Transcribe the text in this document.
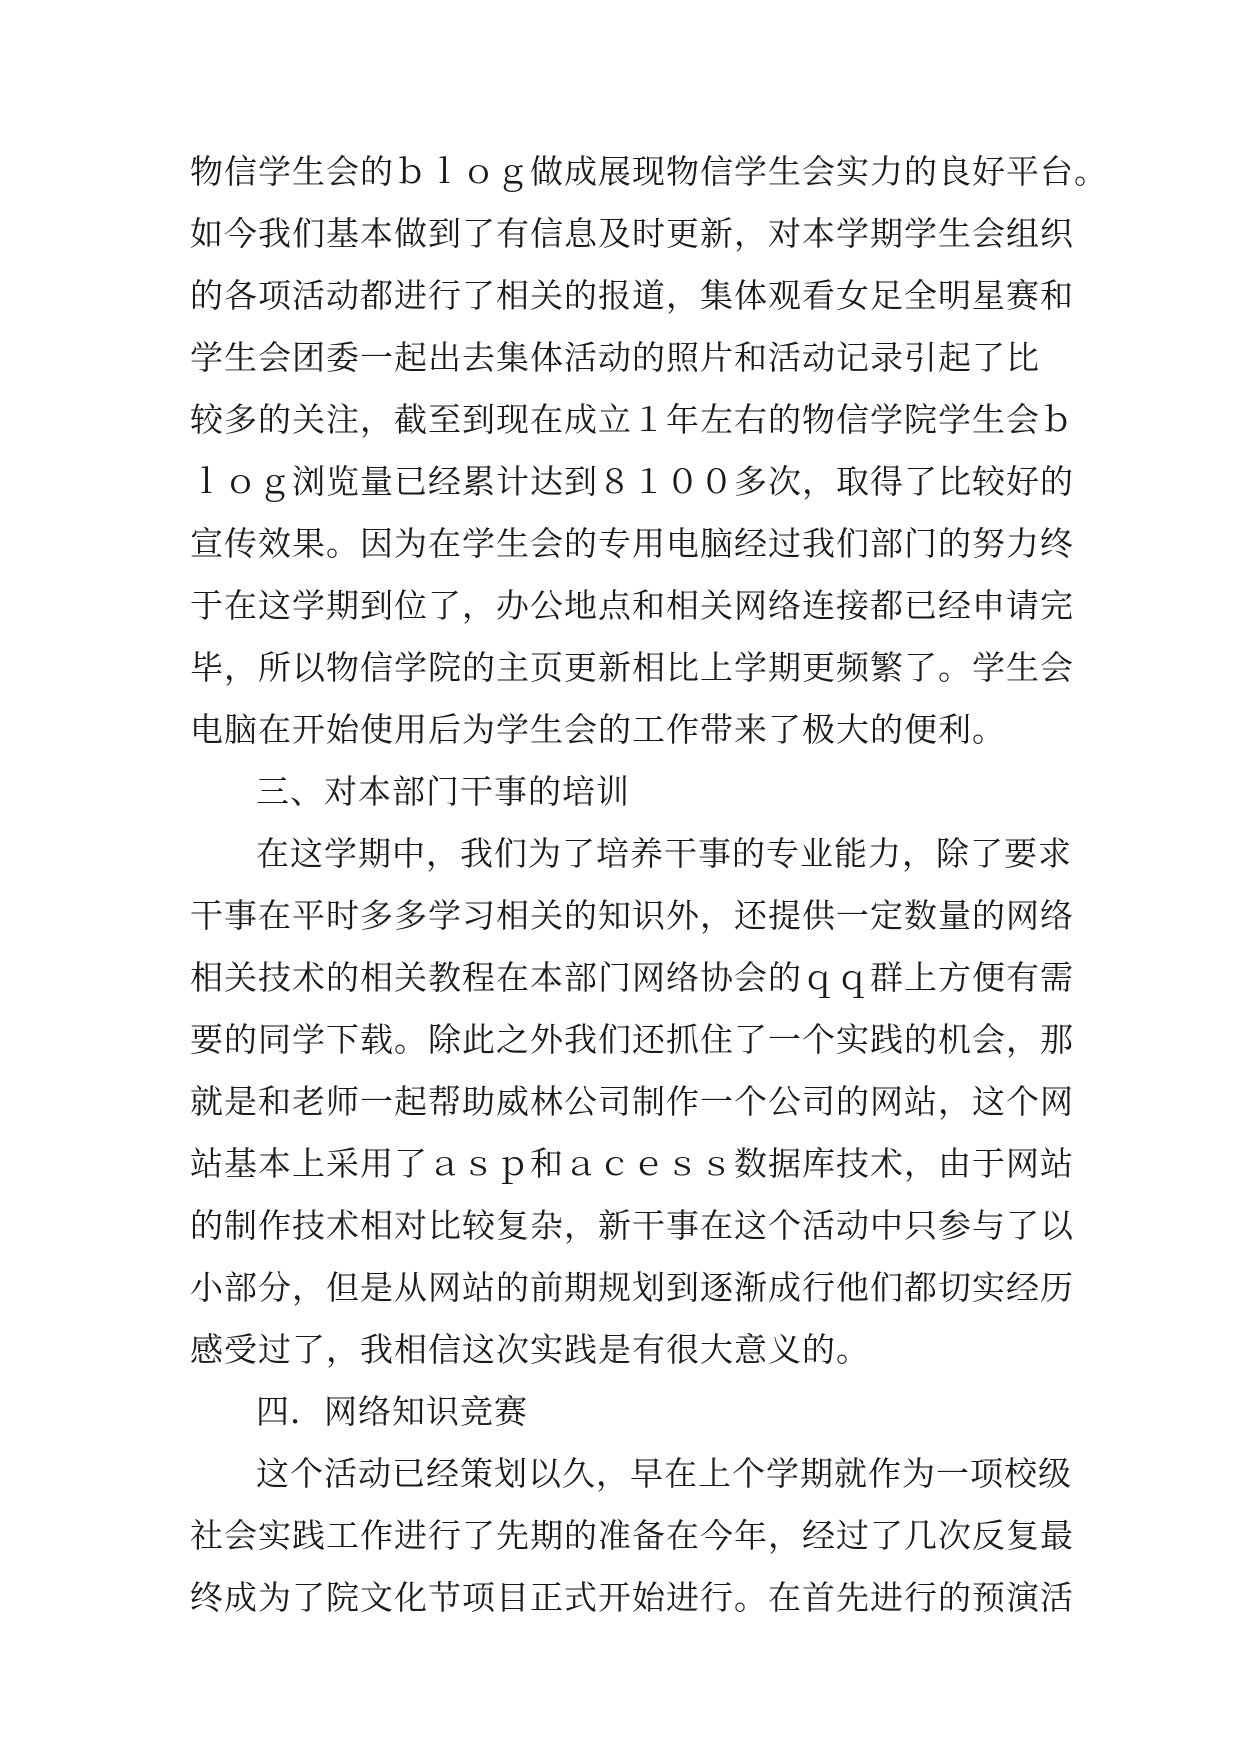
物信学生会的ｂｌｏｇ做成展现物信学生会实力的良好平台。
如今我们基本做到了有信息及时更新，对本学期学生会组织
的各项活动都进行了相关的报道，集体观看女足全明星赛和
学生会团委一起出去集体活动的照片和活动记录引起了比
较多的关注，截至到现在成立１年左右的物信学院学生会ｂ
ｌｏｇ浏览量已经累计达到８１００多次，取得了比较好的
宣传效果。因为在学生会的专用电脑经过我们部门的努力终
于在这学期到位了，办公地点和相关网络连接都已经申请完
毕，所以物信学院的主页更新相比上学期更频繁了。学生会
电脑在开始使用后为学生会的工作带来了极大的便利。
三、对本部门干事的培训
在这学期中，我们为了培养干事的专业能力，除了要求
干事在平时多多学习相关的知识外，还提供一定数量的网络
相关技术的相关教程在本部门网络协会的ｑｑ群上方便有需
要的同学下载。除此之外我们还抓住了一个实践的机会，那
就是和老师一起帮助威林公司制作一个公司的网站，这个网
站基本上采用了ａｓｐ和ａｃｅｓｓ数据库技术，由于网站
的制作技术相对比较复杂，新干事在这个活动中只参与了以
小部分，但是从网站的前期规划到逐渐成行他们都切实经历
感受过了，我相信这次实践是有很大意义的。
四．网络知识竞赛
这个活动已经策划以久，早在上个学期就作为一项校级
社会实践工作进行了先期的准备在今年，经过了几次反复最
终成为了院文化节项目正式开始进行。在首先进行的预演活
